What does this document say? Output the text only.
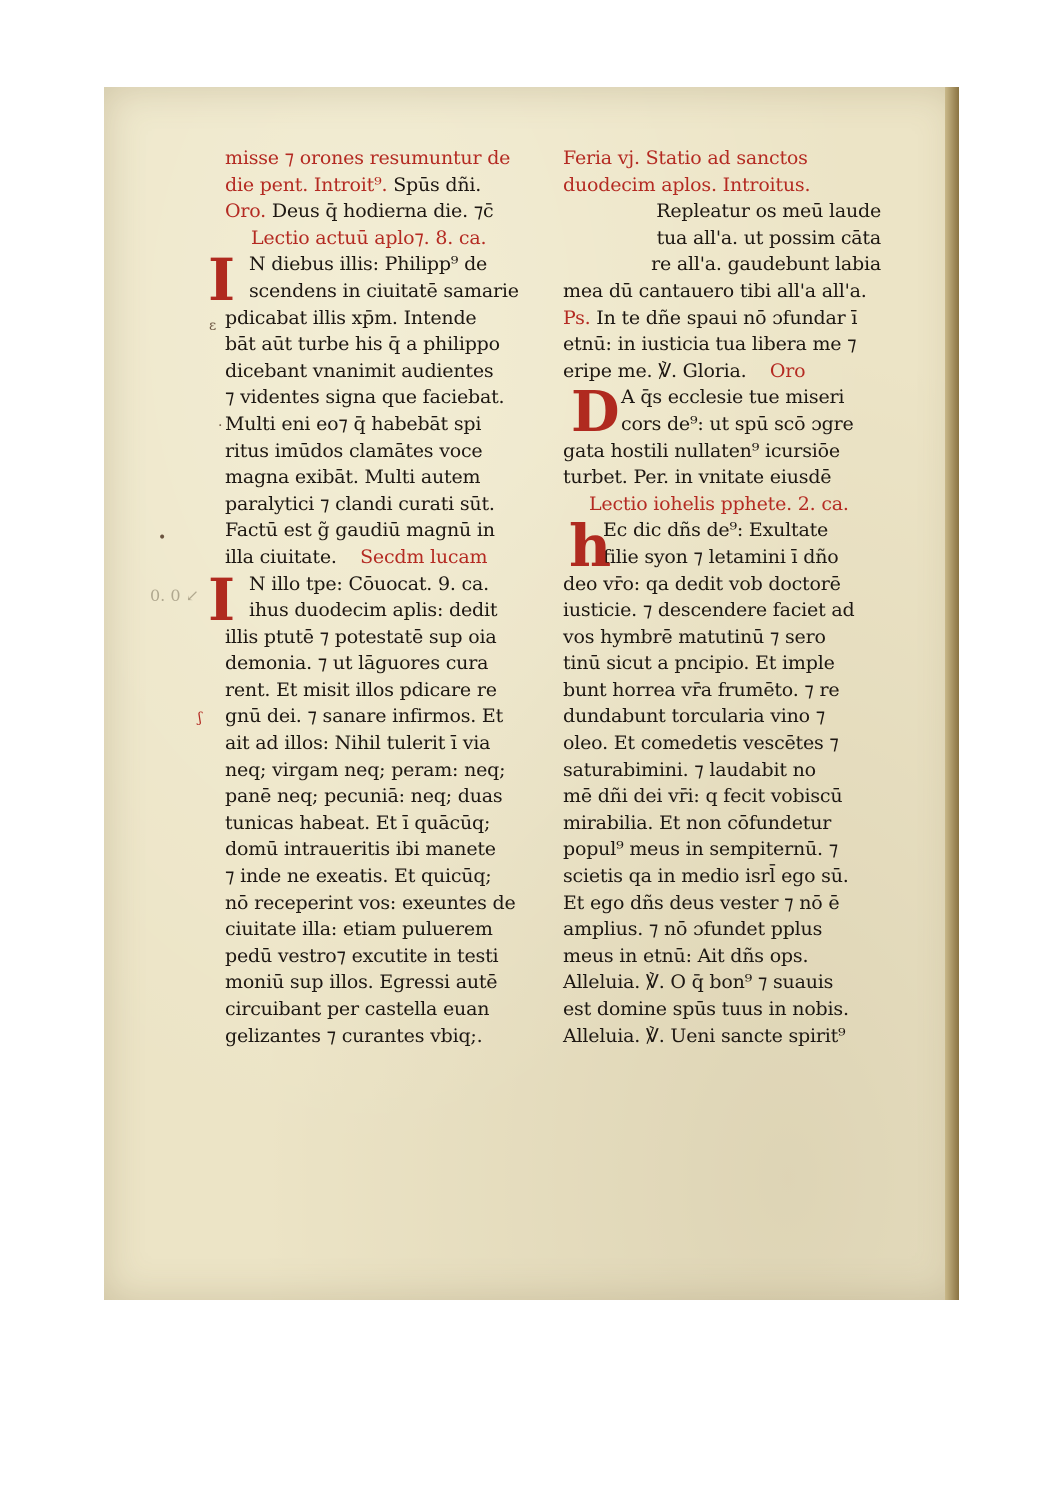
misse ⁊ orones resumuntur de
die pent. Introit⁹. Spūs dñi.
Oro. Deus q̄ hodierna die. ⁊c̄
Lectio actuū aplo⁊. 8. ca.
I N diebus illis: Philipp⁹ de
scendens in ciuitatē samarie
pdicabat illis xp̄m. Intende
bāt aūt turbe his q̄ a philippo
dicebant vnanimit audientes
⁊ videntes signa que faciebat.
Multi eni eo⁊ q̄ habebāt spi
ritus imūdos clamātes voce
magna exibāt. Multi autem
paralytici ⁊ clandi curati sūt.
Factū est g̃ gaudiū magnū in
illa ciuitate. Secdm lucam
I N illo tpe: Cōuocat. 9. ca.
ihus duodecim aplis: dedit
illis ptutē ⁊ potestatē sup oia
demonia. ⁊ ut lāguores cura
rent. Et misit illos pdicare re
gnū dei. ⁊ sanare infirmos. Et
ait ad illos: Nihil tulerit ī via
neq; virgam neq; peram: neq;
panē neq; pecuniā: neq; duas
tunicas habeat. Et ī quācūq;
domū intraueritis ibi manete
⁊ inde ne exeatis. Et quicūq;
nō receperint vos: exeuntes de
ciuitate illa: etiam puluerem
pedū vestro⁊ excutite in testi
moniū sup illos. Egressi autē
circuibant per castella euan
gelizantes ⁊ curantes vbiq;.
Feria vj. Statio ad sanctos
duodecim aplos. Introitus.
Repleatur os meū laude
tua all'a. ut possim cāta
re all'a. gaudebunt labia
mea dū cantauero tibi all'a all'a.
Ps. In te dñe spaui nō ɔfundar ī
etnū: in iusticia tua libera me ⁊
eripe me. ℣. Gloria. Oro
D A q̄s ecclesie tue miseri
cors de⁹: ut spū scō ɔgre
gata hostili nullaten⁹ icursiōe
turbet. Per. in vnitate eiusdē
Lectio iohelis pphete. 2. ca.
h
Ec dic dñs de⁹: Exultate
filie syon ⁊ letamini ī dño
deo vr̄o: qa dedit vob doctorē
iusticie. ⁊ descendere faciet ad
vos hymbrē matutinū ⁊ sero
tinū sicut a pncipio. Et imple
bunt horrea vr̄a frumēto. ⁊ re
dundabunt torcularia vino ⁊
oleo. Et comedetis vescētes ⁊
saturabimini. ⁊ laudabit no
mē dñi dei vr̄i: q fecit vobiscū
mirabilia. Et non cōfundetur
popul⁹ meus in sempiternū. ⁊
scietis qa in medio isrl̄ ego sū.
Et ego dñs deus vester ⁊ nō ē
amplius. ⁊ nō ɔfundet pplus
meus in etnū: Ait dñs ops.
Alleluia. ℣. O q̄ bon⁹ ⁊ suauis
est domine spūs tuus in nobis.
Alleluia. ℣. Ueni sancte spirit⁹
ɛ
·
•
0. 0 ↙
ʃ
